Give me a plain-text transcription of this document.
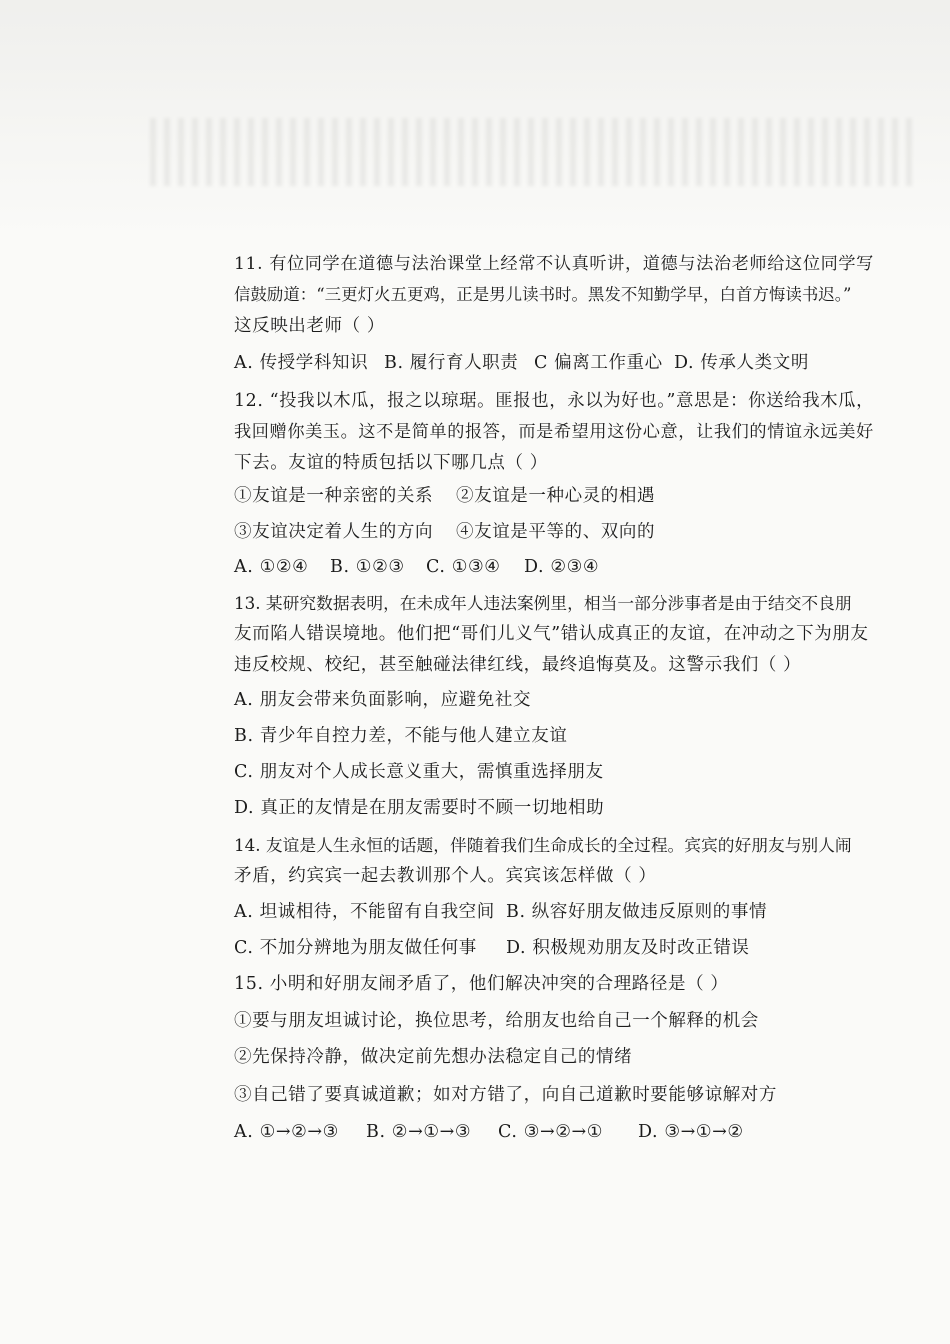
11. 有位同学在道德与法治课堂上经常不认真听讲，道德与法治老师给这位同学写
信鼓励道：“三更灯火五更鸡，正是男儿读书时。黑发不知勤学早，白首方悔读书迟。”
这反映出老师（ ）
A. 传授学科知识 B. 履行育人职责 C 偏离工作重心 D. 传承人类文明
12. “投我以木瓜，报之以琼琚。匪报也，永以为好也。”意思是：你送给我木瓜，
我回赠你美玉。这不是简单的报答，而是希望用这份心意，让我们的情谊永远美好
下去。友谊的特质包括以下哪几点（ ）
①友谊是一种亲密的关系 ②友谊是一种心灵的相遇
③友谊决定着人生的方向 ④友谊是平等的、双向的
A. ①②④ B. ①②③ C. ①③④ D. ②③④
13. 某研究数据表明，在未成年人违法案例里，相当一部分涉事者是由于结交不良朋
友而陷人错误境地。他们把“哥们儿义气”错认成真正的友谊，在冲动之下为朋友
违反校规、校纪，甚至触碰法律红线，最终追悔莫及。这警示我们（ ）
A. 朋友会带来负面影响，应避免社交
B. 青少年自控力差，不能与他人建立友谊
C. 朋友对个人成长意义重大，需慎重选择朋友
D. 真正的友情是在朋友需要时不顾一切地相助
14. 友谊是人生永恒的话题，伴随着我们生命成长的全过程。宾宾的好朋友与别人闹
矛盾，约宾宾一起去教训那个人。宾宾该怎样做（ ）
A. 坦诚相待，不能留有自我空间 B. 纵容好朋友做违反原则的事情
C. 不加分辨地为朋友做任何事 D. 积极规劝朋友及时改正错误
15. 小明和好朋友闹矛盾了，他们解决冲突的合理路径是（ ）
①要与朋友坦诚讨论，换位思考，给朋友也给自己一个解释的机会
②先保持冷静，做决定前先想办法稳定自己的情绪
③自己错了要真诚道歉；如对方错了，向自己道歉时要能够谅解对方
A. ①→②→③ B. ②→①→③ C. ③→②→① D. ③→①→②
